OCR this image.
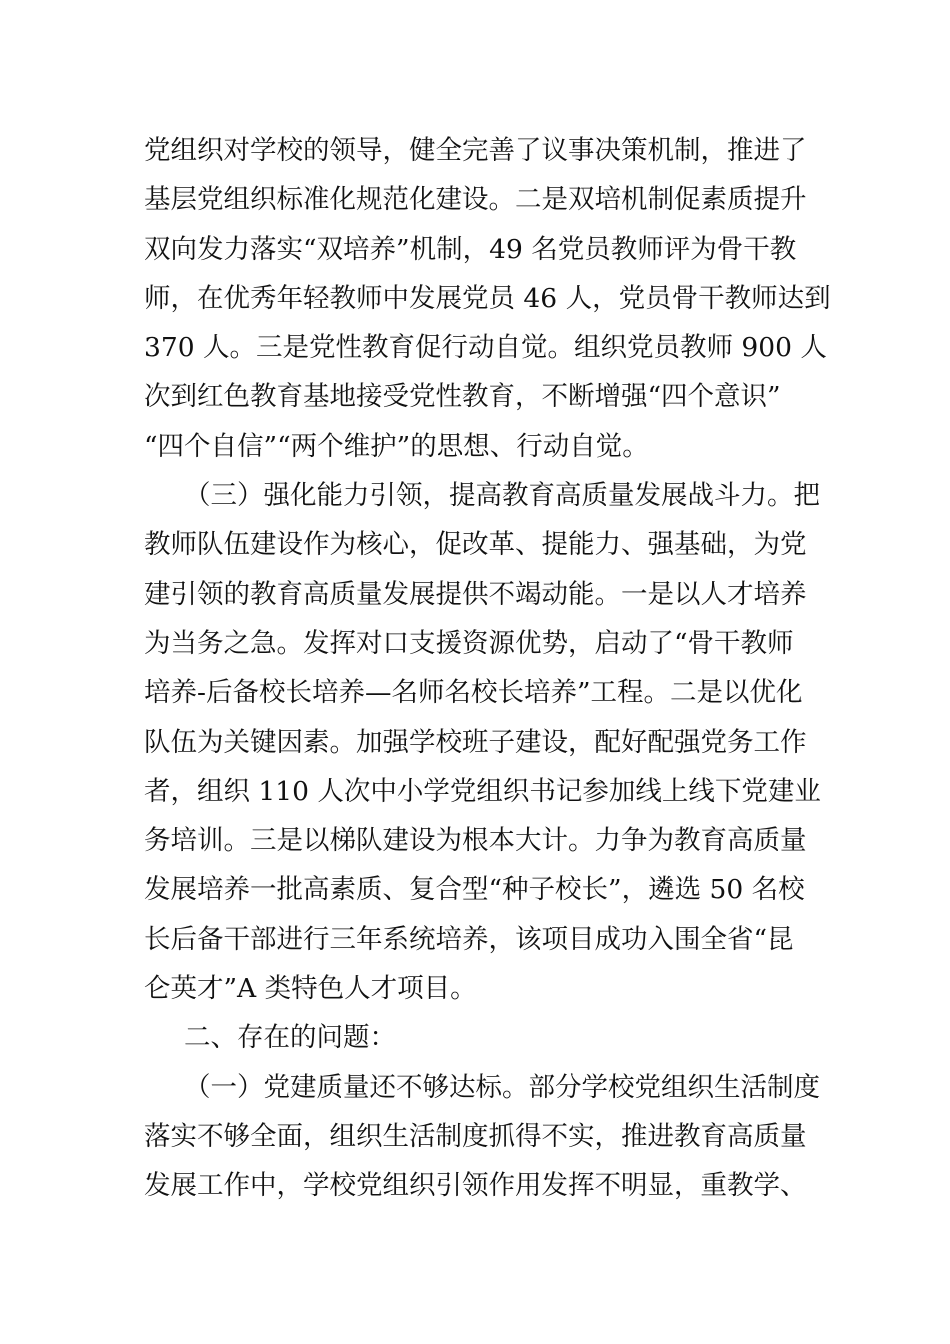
党组织对学校的领导，健全完善了议事决策机制，推进了
基层党组织标准化规范化建设。二是双培机制促素质提升
双向发力落实“双培养”机制，49 名党员教师评为骨干教
师，在优秀年轻教师中发展党员 46 人，党员骨干教师达到
370 人。三是党性教育促行动自觉。组织党员教师 900 人
次到红色教育基地接受党性教育，不断增强“四个意识”
“四个自信”“两个维护”的思想、行动自觉。
（三）强化能力引领，提高教育高质量发展战斗力。把
教师队伍建设作为核心，促改革、提能力、强基础，为党
建引领的教育高质量发展提供不竭动能。一是以人才培养
为当务之急。发挥对口支援资源优势，启动了“骨干教师
培养-后备校长培养—名师名校长培养”工程。二是以优化
队伍为关键因素。加强学校班子建设，配好配强党务工作
者，组织 110 人次中小学党组织书记参加线上线下党建业
务培训。三是以梯队建设为根本大计。力争为教育高质量
发展培养一批高素质、复合型“种子校长”，遴选 50 名校
长后备干部进行三年系统培养，该项目成功入围全省“昆
仑英才”A 类特色人才项目。
二、存在的问题：
（一）党建质量还不够达标。部分学校党组织生活制度
落实不够全面，组织生活制度抓得不实，推进教育高质量
发展工作中，学校党组织引领作用发挥不明显，重教学、
